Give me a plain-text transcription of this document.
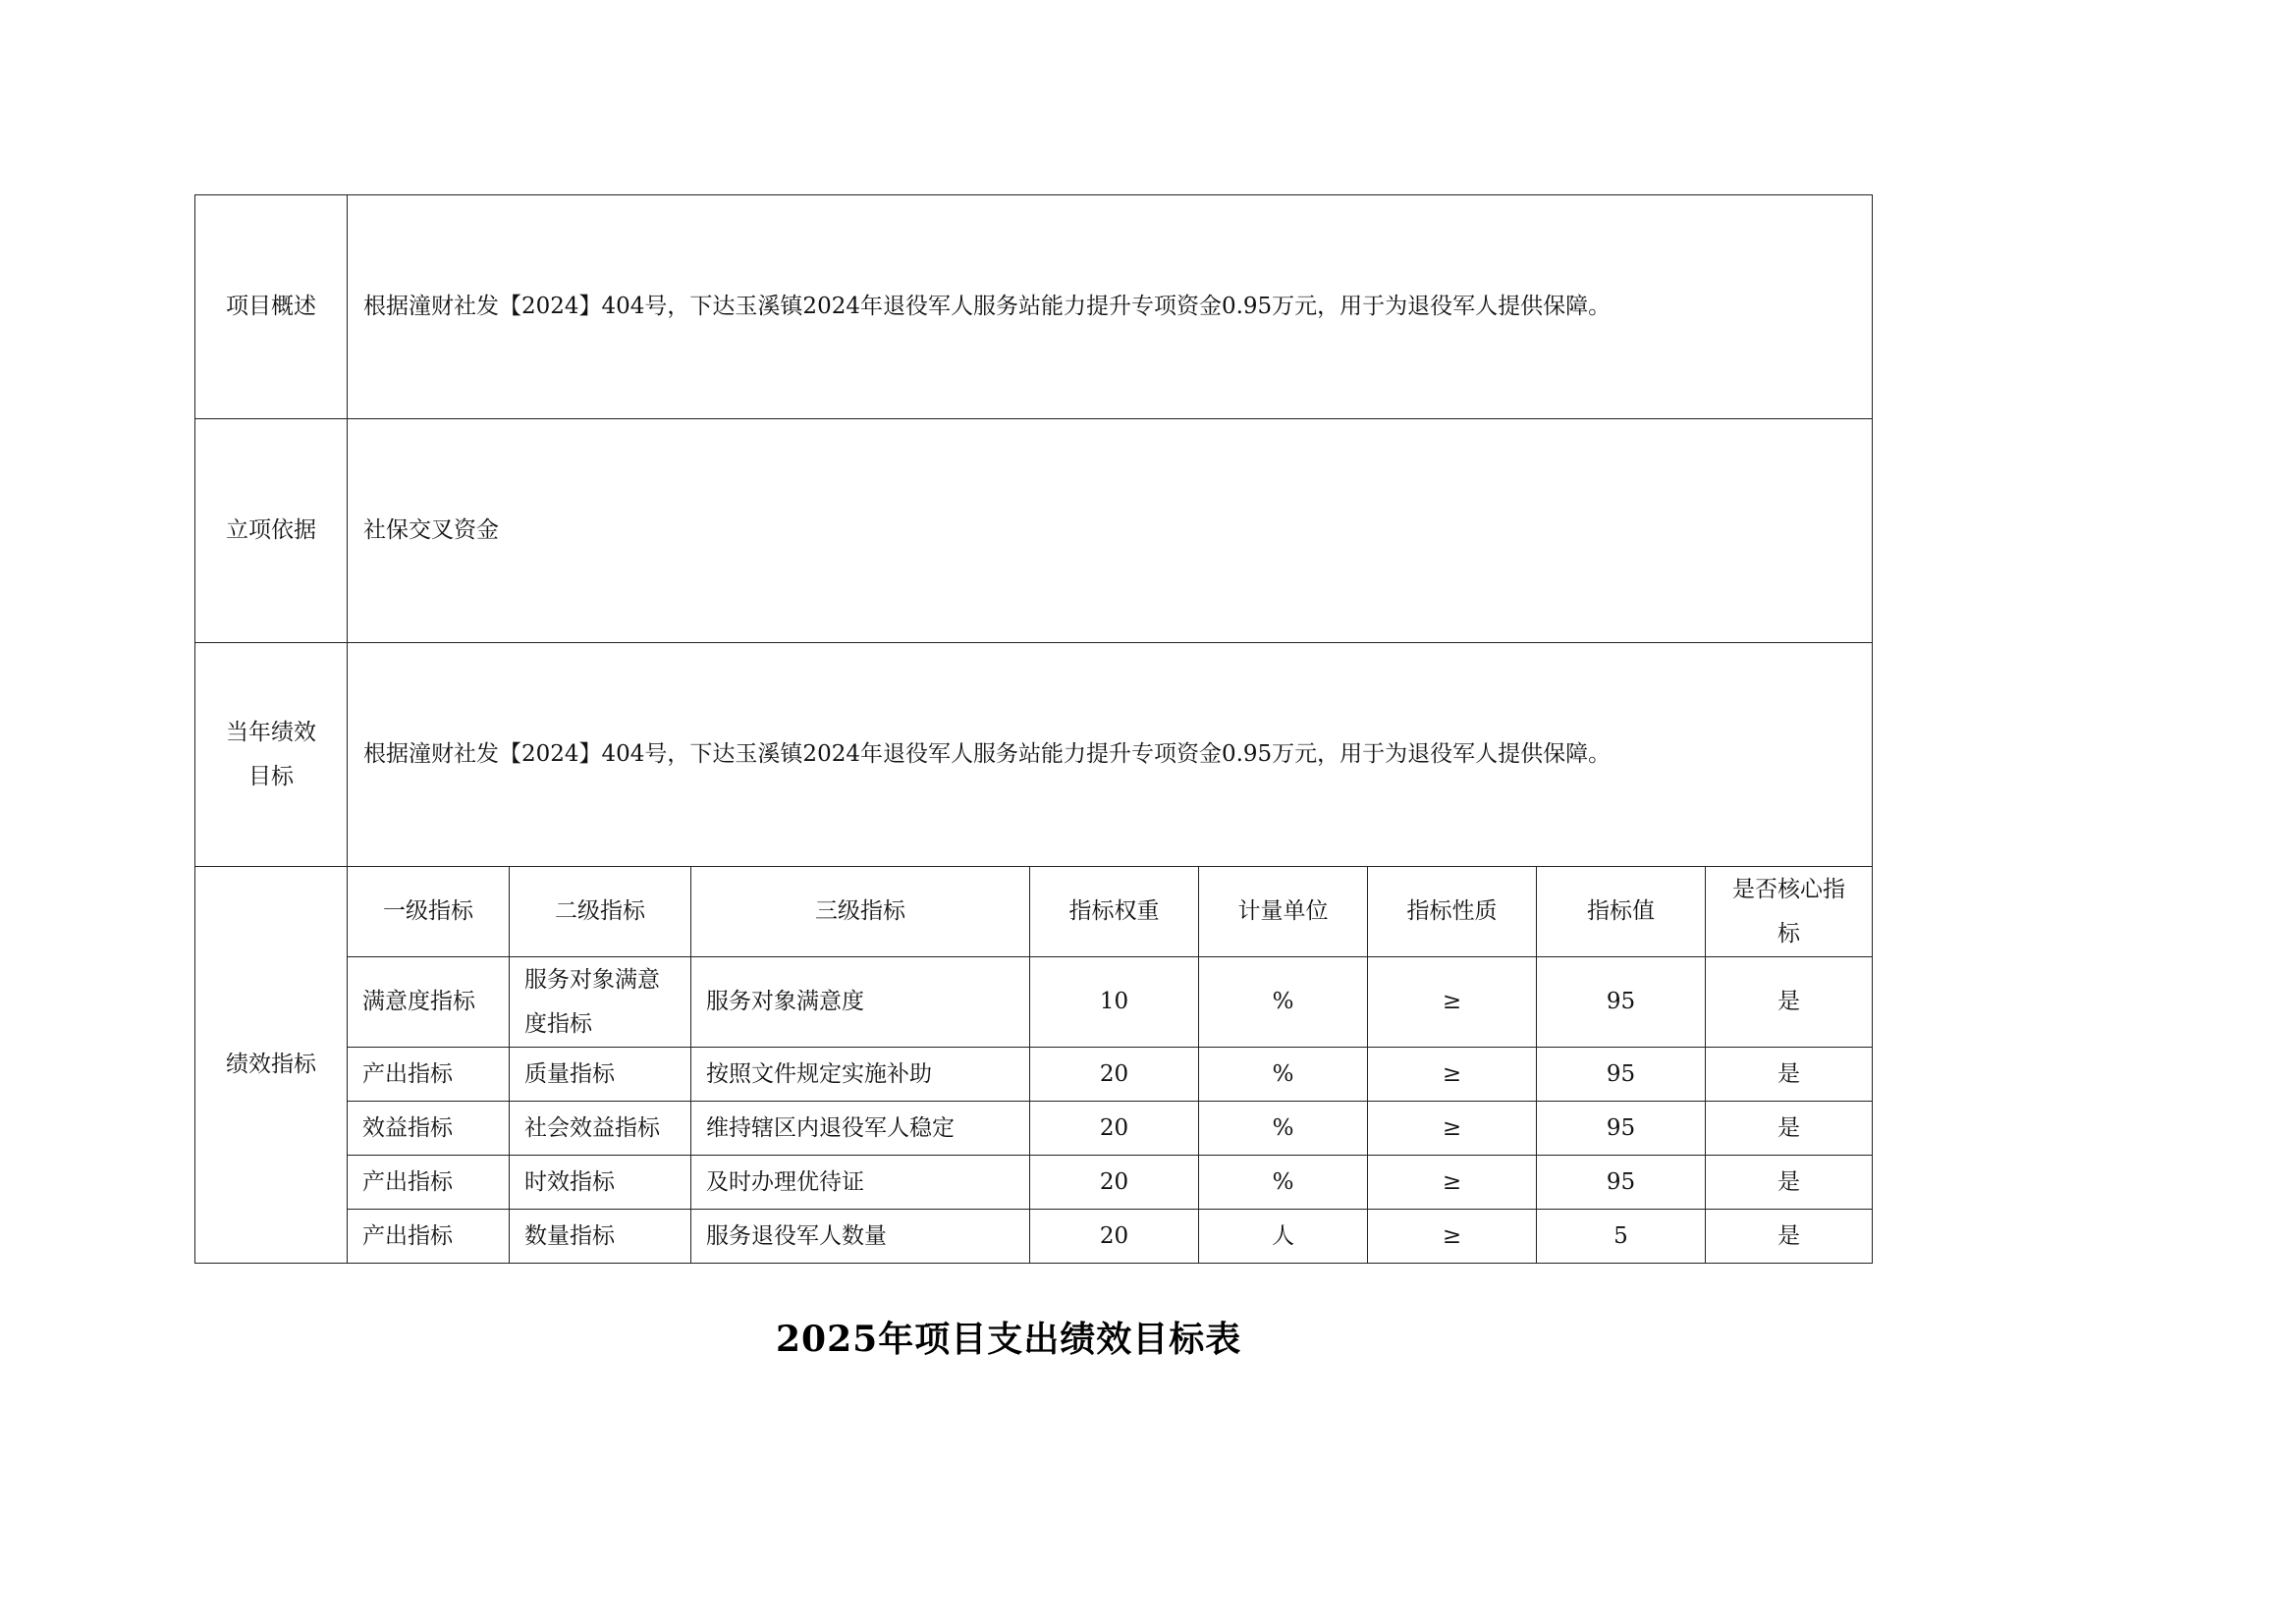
项目概述	根据潼财社发【2024】404号，下达玉溪镇2024年退役军人服务站能力提升专项资金0.95万元，用于为退役军人提供保障。							
立项依据	社保交叉资金							
当年绩效目标	根据潼财社发【2024】404号，下达玉溪镇2024年退役军人服务站能力提升专项资金0.95万元，用于为退役军人提供保障。							
绩效指标	一级指标	二级指标	三级指标	指标权重	计量单位	指标性质	指标值	是否核心指标
	满意度指标	服务对象满意度指标	服务对象满意度	10	%	≥	95	是
	产出指标	质量指标	按照文件规定实施补助	20	%	≥	95	是
	效益指标	社会效益指标	维持辖区内退役军人稳定	20	%	≥	95	是
	产出指标	时效指标	及时办理优待证	20	%	≥	95	是
	产出指标	数量指标	服务退役军人数量	20	人	≥	5	是
2025年项目支出绩效目标表
